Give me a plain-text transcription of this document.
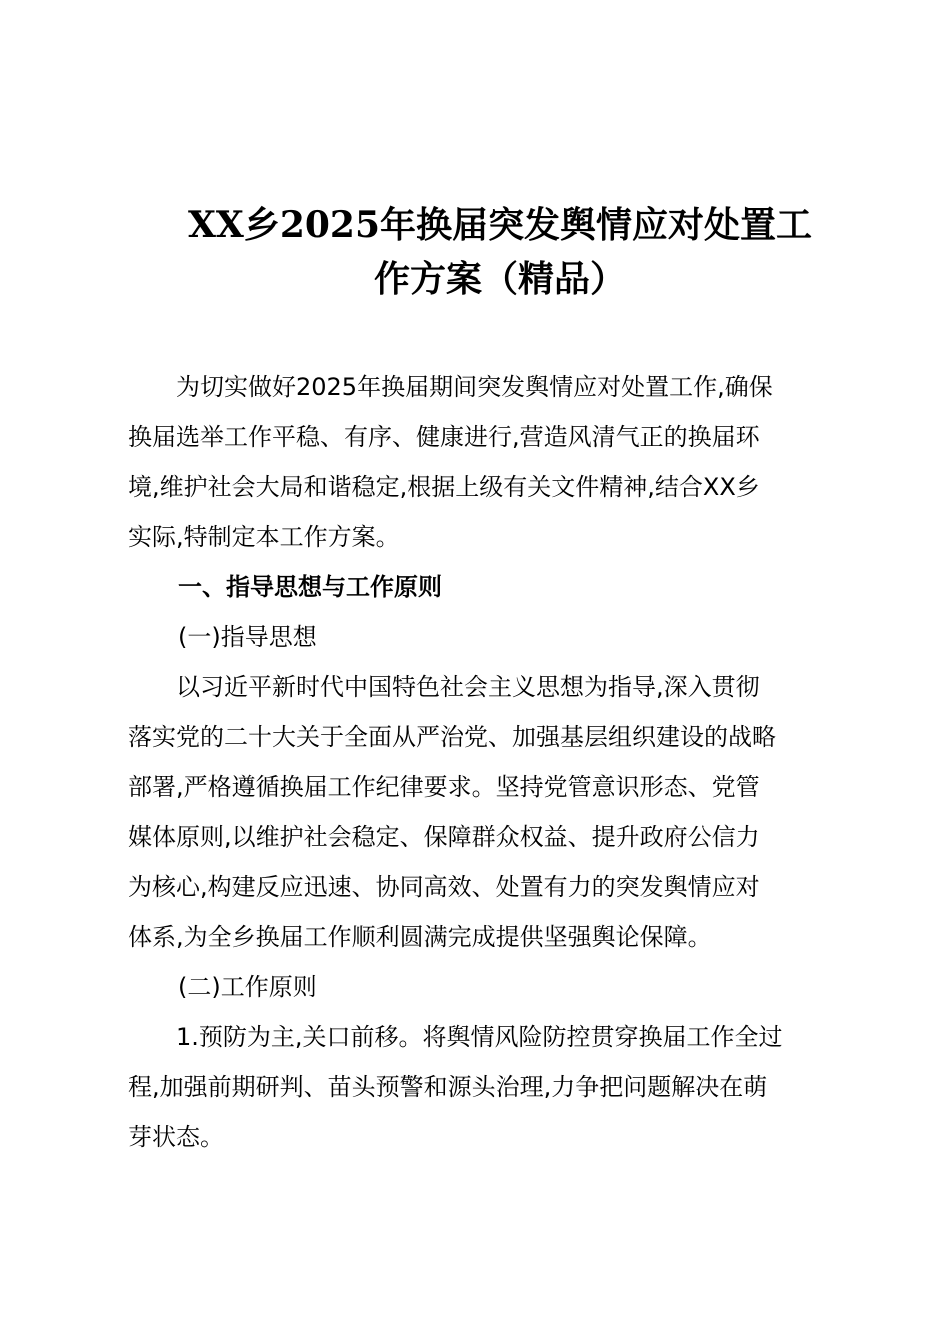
XX乡2025年换届突发舆情应对处置工
作方案（精品）

为切实做好2025年换届期间突发舆情应对处置工作,确保
换届选举工作平稳、有序、健康进行,营造风清气正的换届环
境,维护社会大局和谐稳定,根据上级有关文件精神,结合XX乡
实际,特制定本工作方案。

一、指导思想与工作原则

(一)指导思想

以习近平新时代中国特色社会主义思想为指导,深入贯彻
落实党的二十大关于全面从严治党、加强基层组织建设的战略
部署,严格遵循换届工作纪律要求。坚持党管意识形态、党管
媒体原则,以维护社会稳定、保障群众权益、提升政府公信力
为核心,构建反应迅速、协同高效、处置有力的突发舆情应对
体系,为全乡换届工作顺利圆满完成提供坚强舆论保障。

(二)工作原则

1.预防为主,关口前移。将舆情风险防控贯穿换届工作全过
程,加强前期研判、苗头预警和源头治理,力争把问题解决在萌
芽状态。
